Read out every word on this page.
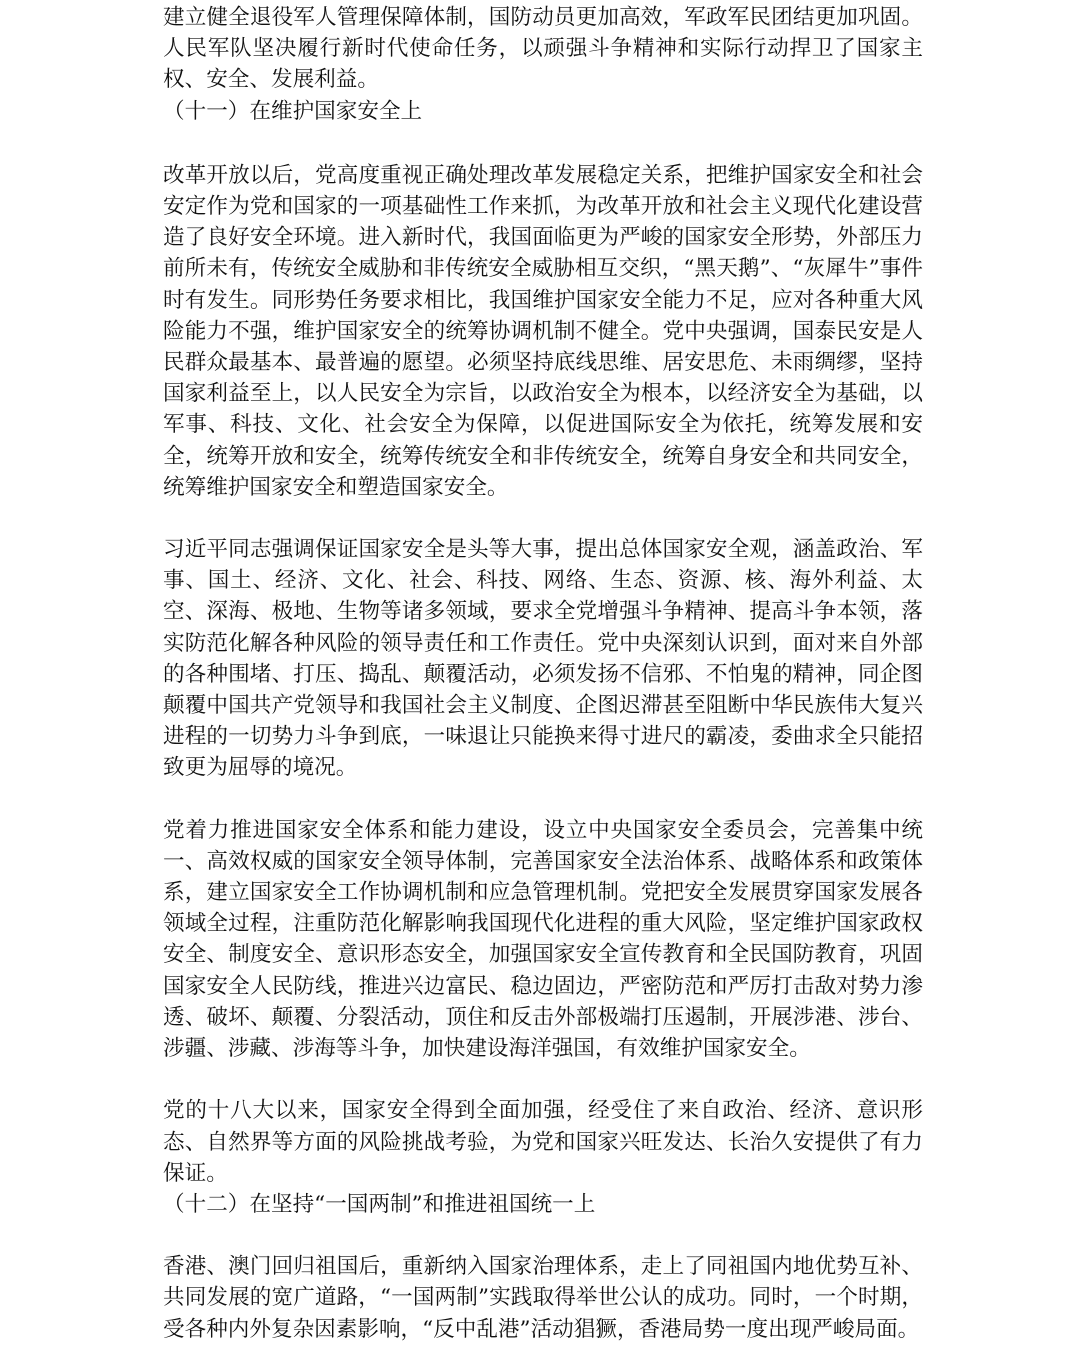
建立健全退役军人管理保障体制，国防动员更加高效，军政军民团结更加巩固。人民军队坚决履行新时代使命任务，以顽强斗争精神和实际行动捍卫了国家主权、安全、发展利益。

（十一）在维护国家安全上

改革开放以后，党高度重视正确处理改革发展稳定关系，把维护国家安全和社会安定作为党和国家的一项基础性工作来抓，为改革开放和社会主义现代化建设营造了良好安全环境。进入新时代，我国面临更为严峻的国家安全形势，外部压力前所未有，传统安全威胁和非传统安全威胁相互交织，“黑天鹅”、“灰犀牛”事件时有发生。同形势任务要求相比，我国维护国家安全能力不足，应对各种重大风险能力不强，维护国家安全的统筹协调机制不健全。党中央强调，国泰民安是人民群众最基本、最普遍的愿望。必须坚持底线思维、居安思危、未雨绸缪，坚持国家利益至上，以人民安全为宗旨，以政治安全为根本，以经济安全为基础，以军事、科技、文化、社会安全为保障，以促进国际安全为依托，统筹发展和安全，统筹开放和安全，统筹传统安全和非传统安全，统筹自身安全和共同安全，统筹维护国家安全和塑造国家安全。

习近平同志强调保证国家安全是头等大事，提出总体国家安全观，涵盖政治、军事、国土、经济、文化、社会、科技、网络、生态、资源、核、海外利益、太空、深海、极地、生物等诸多领域，要求全党增强斗争精神、提高斗争本领，落实防范化解各种风险的领导责任和工作责任。党中央深刻认识到，面对来自外部的各种围堵、打压、捣乱、颠覆活动，必须发扬不信邪、不怕鬼的精神，同企图颠覆中国共产党领导和我国社会主义制度、企图迟滞甚至阻断中华民族伟大复兴进程的一切势力斗争到底，一味退让只能换来得寸进尺的霸凌，委曲求全只能招致更为屈辱的境况。

党着力推进国家安全体系和能力建设，设立中央国家安全委员会，完善集中统一、高效权威的国家安全领导体制，完善国家安全法治体系、战略体系和政策体系，建立国家安全工作协调机制和应急管理机制。党把安全发展贯穿国家发展各领域全过程，注重防范化解影响我国现代化进程的重大风险，坚定维护国家政权安全、制度安全、意识形态安全，加强国家安全宣传教育和全民国防教育，巩固国家安全人民防线，推进兴边富民、稳边固边，严密防范和严厉打击敌对势力渗透、破坏、颠覆、分裂活动，顶住和反击外部极端打压遏制，开展涉港、涉台、涉疆、涉藏、涉海等斗争，加快建设海洋强国，有效维护国家安全。

党的十八大以来，国家安全得到全面加强，经受住了来自政治、经济、意识形态、自然界等方面的风险挑战考验，为党和国家兴旺发达、长治久安提供了有力保证。

（十二）在坚持“一国两制”和推进祖国统一上

香港、澳门回归祖国后，重新纳入国家治理体系，走上了同祖国内地优势互补、共同发展的宽广道路，“一国两制”实践取得举世公认的成功。同时，一个时期，受各种内外复杂因素影响，“反中乱港”活动猖獗，香港局势一度出现严峻局面。
